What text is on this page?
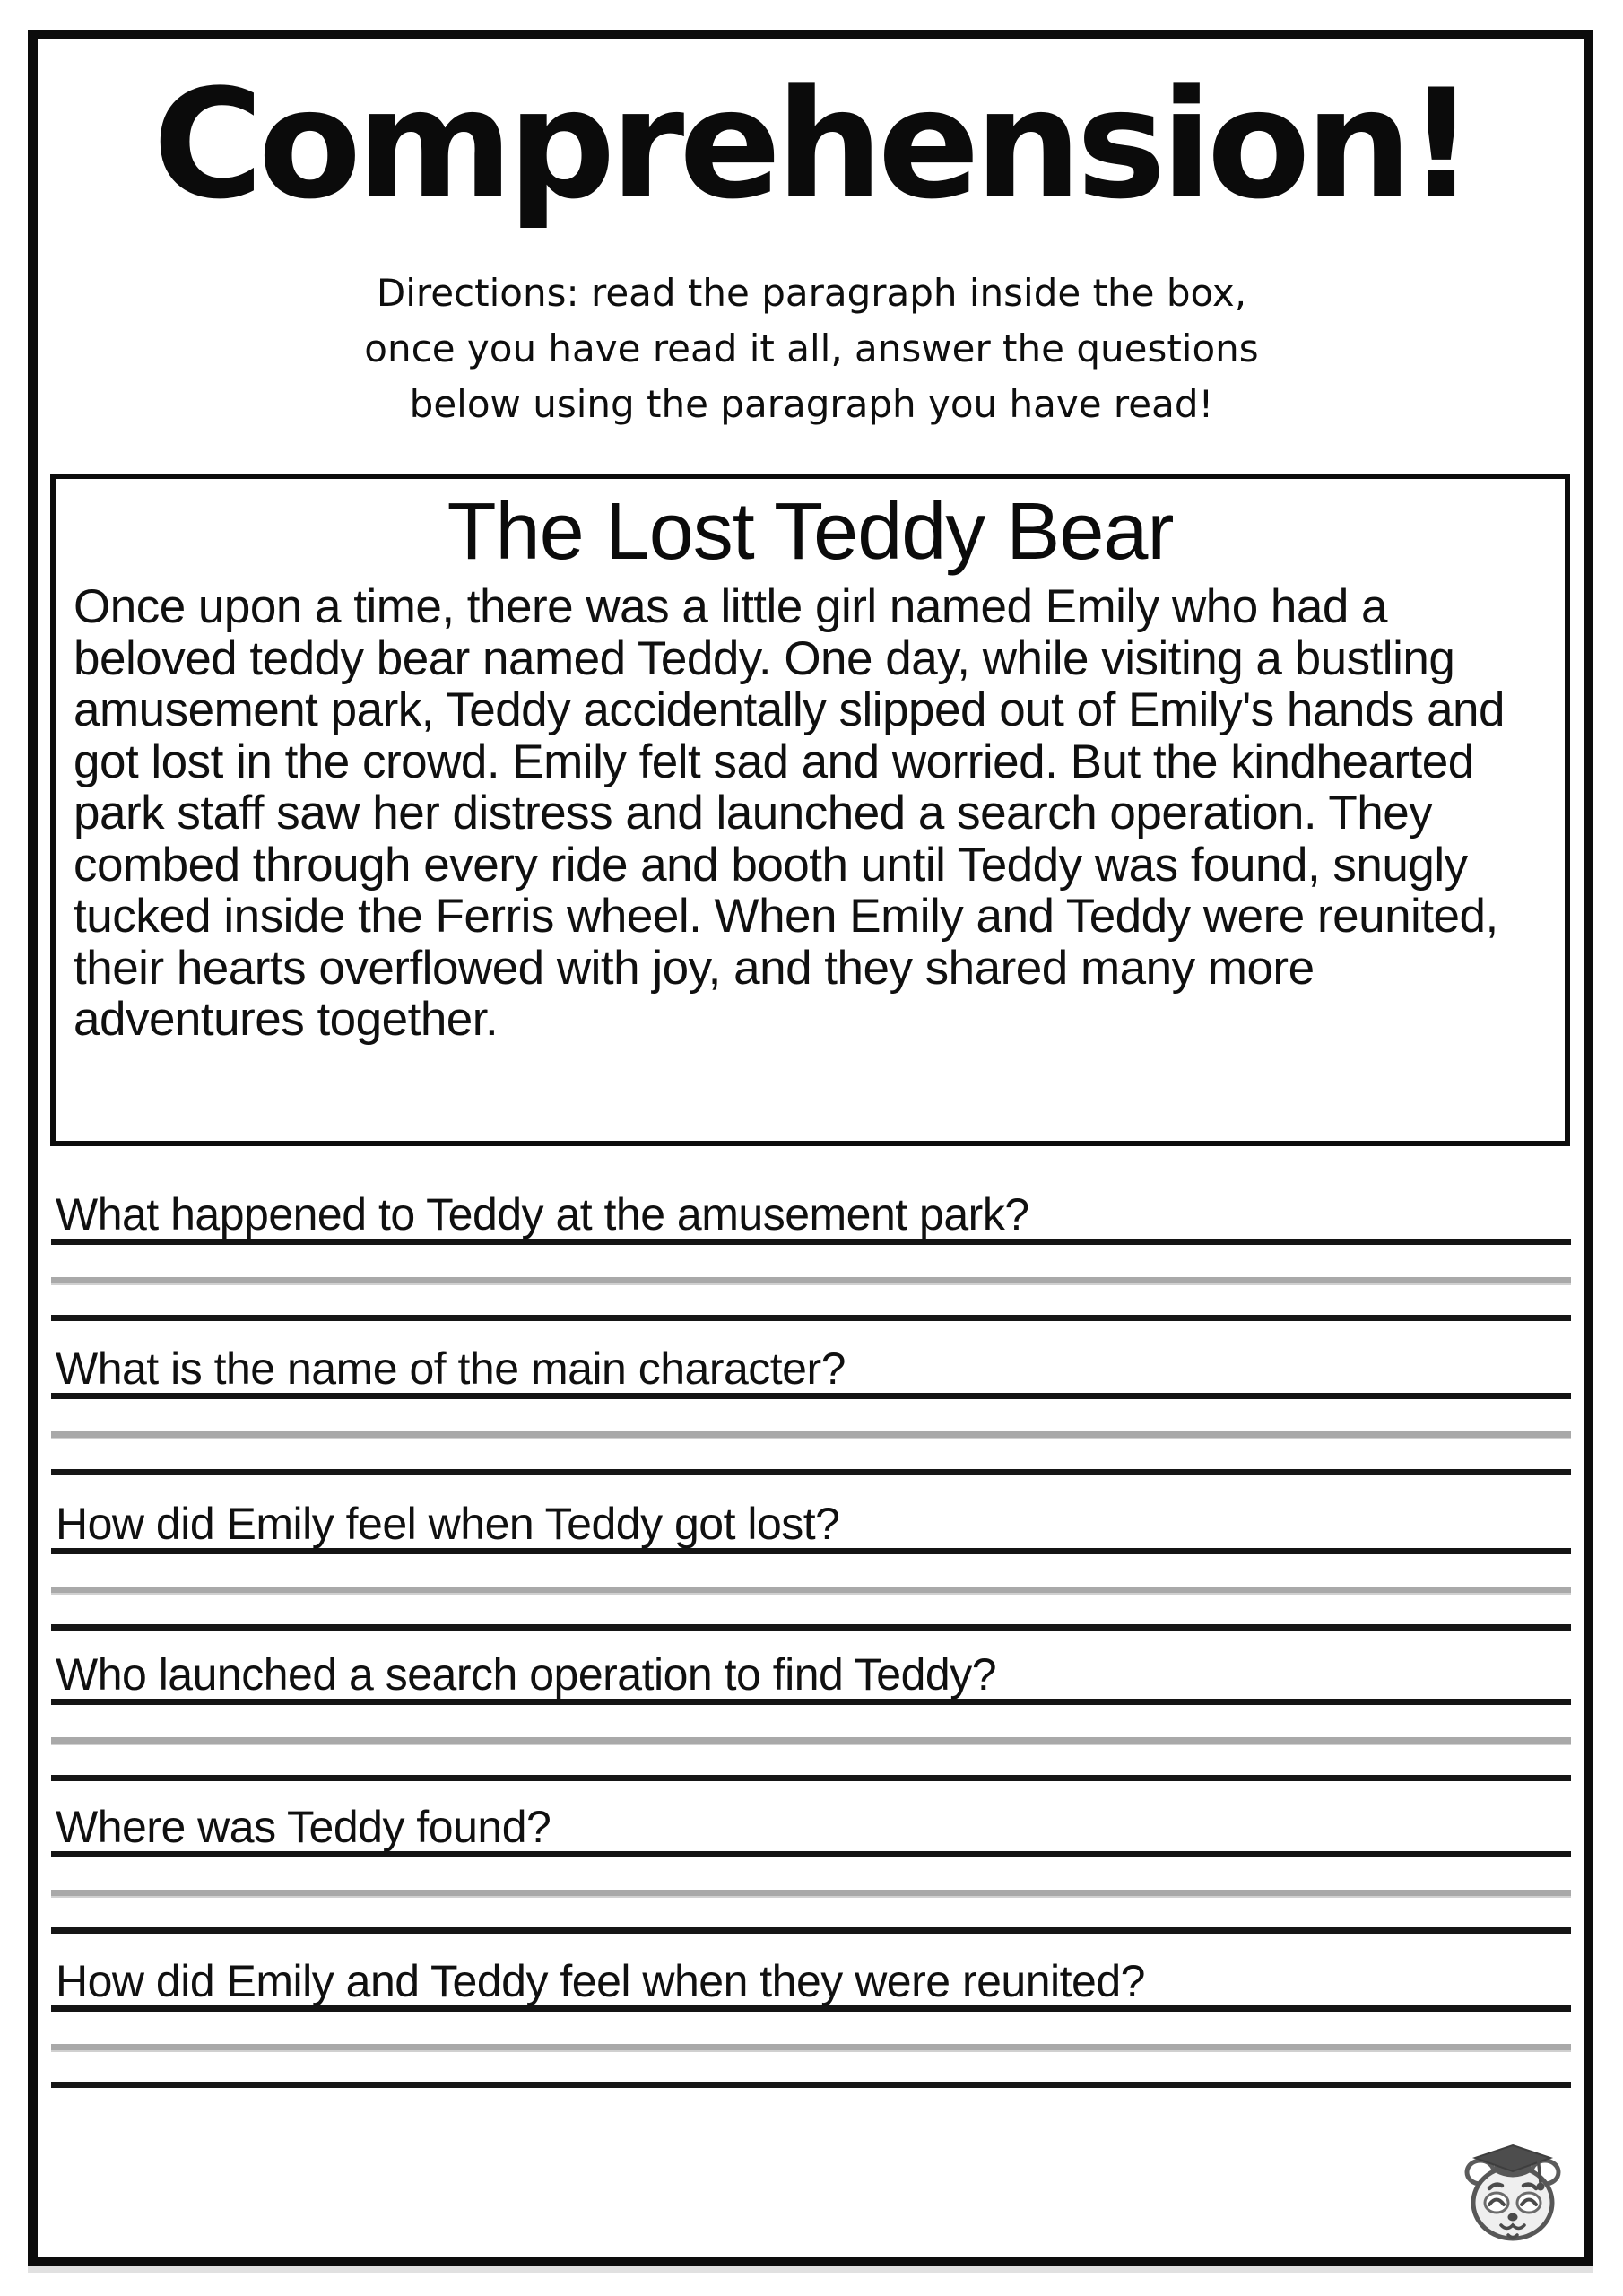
Comprehension!
Directions: read the paragraph inside the box,
once you have read it all, answer the questions
below using the paragraph you have read!
The Lost Teddy Bear
Once upon a time, there was a little girl named Emily who had a beloved teddy bear named Teddy. One day, while visiting a bustling amusement park, Teddy accidentally slipped out of Emily's hands and got lost in the crowd. Emily felt sad and worried. But the kindhearted park staff saw her distress and launched a search operation. They combed through every ride and booth until Teddy was found, snugly tucked inside the Ferris wheel. When Emily and Teddy were reunited, their hearts overflowed with joy, and they shared many more adventures together.
What happened to Teddy at the amusement park?
What is the name of the main character?
How did Emily feel when Teddy got lost?
Who launched a search operation to find Teddy?
Where was Teddy found?
How did Emily and Teddy feel when they were reunited?
